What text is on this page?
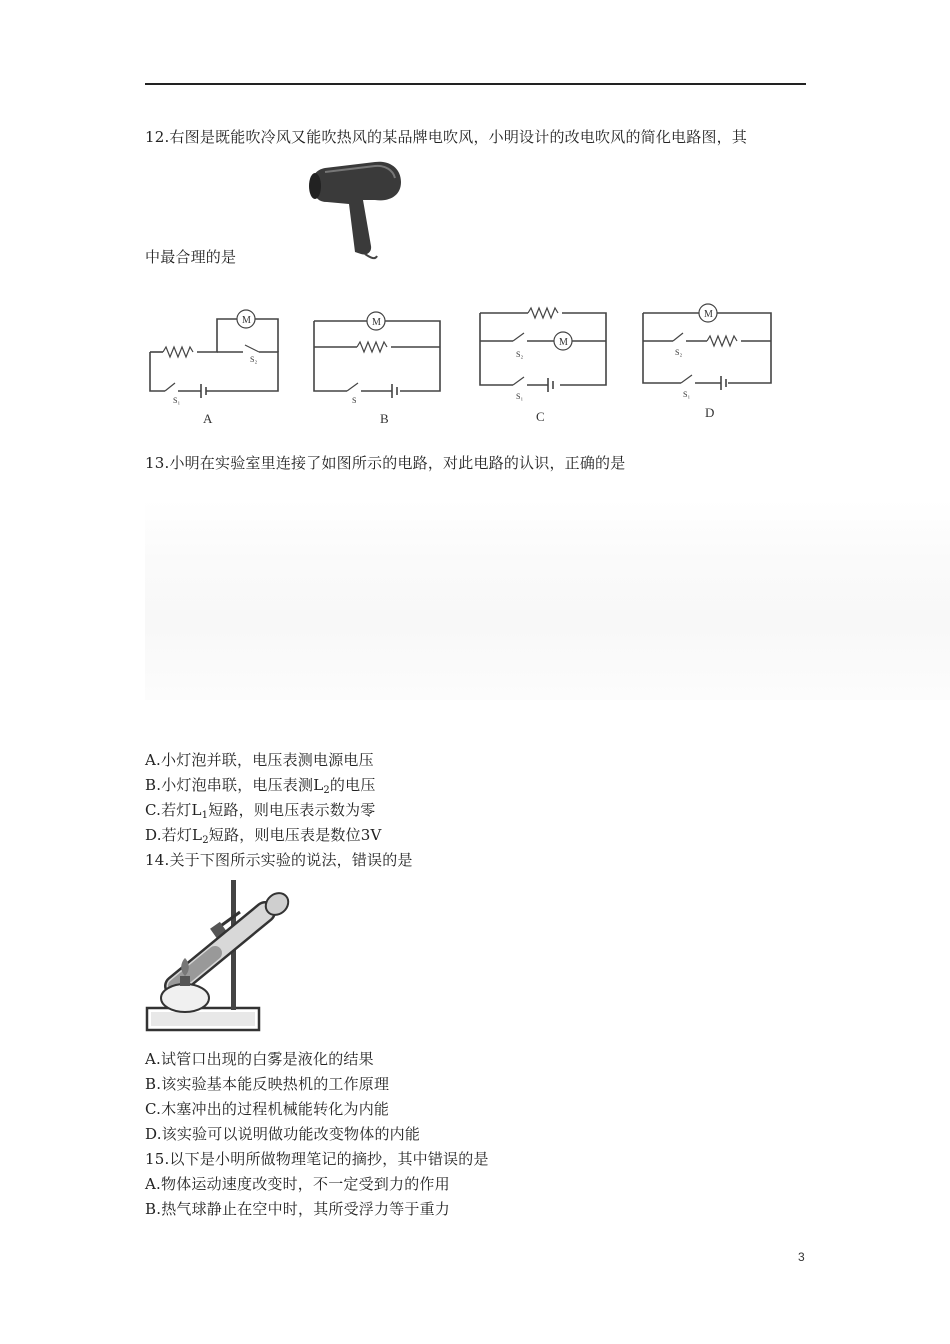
12.右图是既能吹冷风又能吹热风的某品牌电吹风，小明设计的改电吹风的简化电路图，其
中最合理的是
M
S₂
S₁
A
M
S
B
M
S₂
S₁
C
M
S₂
S₁
D
13.小明在实验室里连接了如图所示的电路，对此电路的认识，正确的是
A.小灯泡并联，电压表测电源电压
B.小灯泡串联，电压表测$L_2$的电压
C.若灯$L_1$短路，则电压表示数为零
D.若灯$L_2$短路，则电压表是数位3V
14.关于下图所示实验的说法，错误的是
A.试管口出现的白雾是液化的结果
B.该实验基本能反映热机的工作原理
C.木塞冲出的过程机械能转化为内能
D.该实验可以说明做功能改变物体的内能
15.以下是小明所做物理笔记的摘抄，其中错误的是
A.物体运动速度改变时，不一定受到力的作用
B.热气球静止在空中时，其所受浮力等于重力
3
